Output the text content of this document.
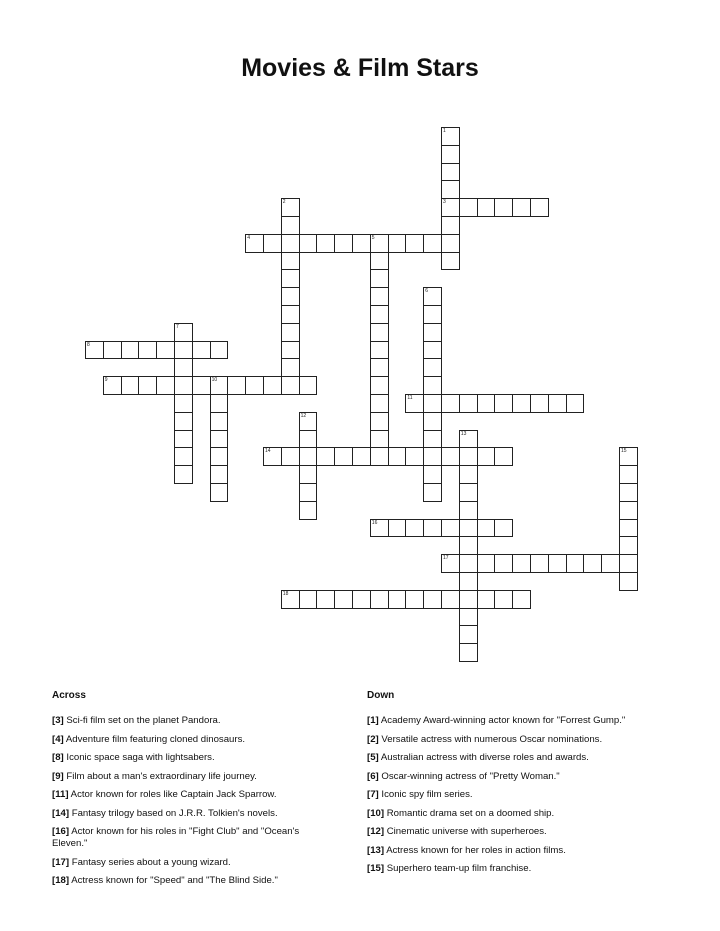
Movies & Film Stars
1
3
2
4	5
6
7
8
9	10
11
12
13
14	15
16
17
18
Across
[3] Sci-fi film set on the planet Pandora.
[4] Adventure film featuring cloned dinosaurs.
[8] Iconic space saga with lightsabers.
[9] Film about a man's extraordinary life journey.
[11] Actor known for roles like Captain Jack Sparrow.
[14] Fantasy trilogy based on J.R.R. Tolkien's novels.
[16] Actor known for his roles in "Fight Club" and "Ocean's Eleven."
[17] Fantasy series about a young wizard.
[18] Actress known for "Speed" and "The Blind Side."
Down
[1] Academy Award-winning actor known for "Forrest Gump."
[2] Versatile actress with numerous Oscar nominations.
[5] Australian actress with diverse roles and awards.
[6] Oscar-winning actress of "Pretty Woman."
[7] Iconic spy film series.
[10] Romantic drama set on a doomed ship.
[12] Cinematic universe with superheroes.
[13] Actress known for her roles in action films.
[15] Superhero team-up film franchise.
